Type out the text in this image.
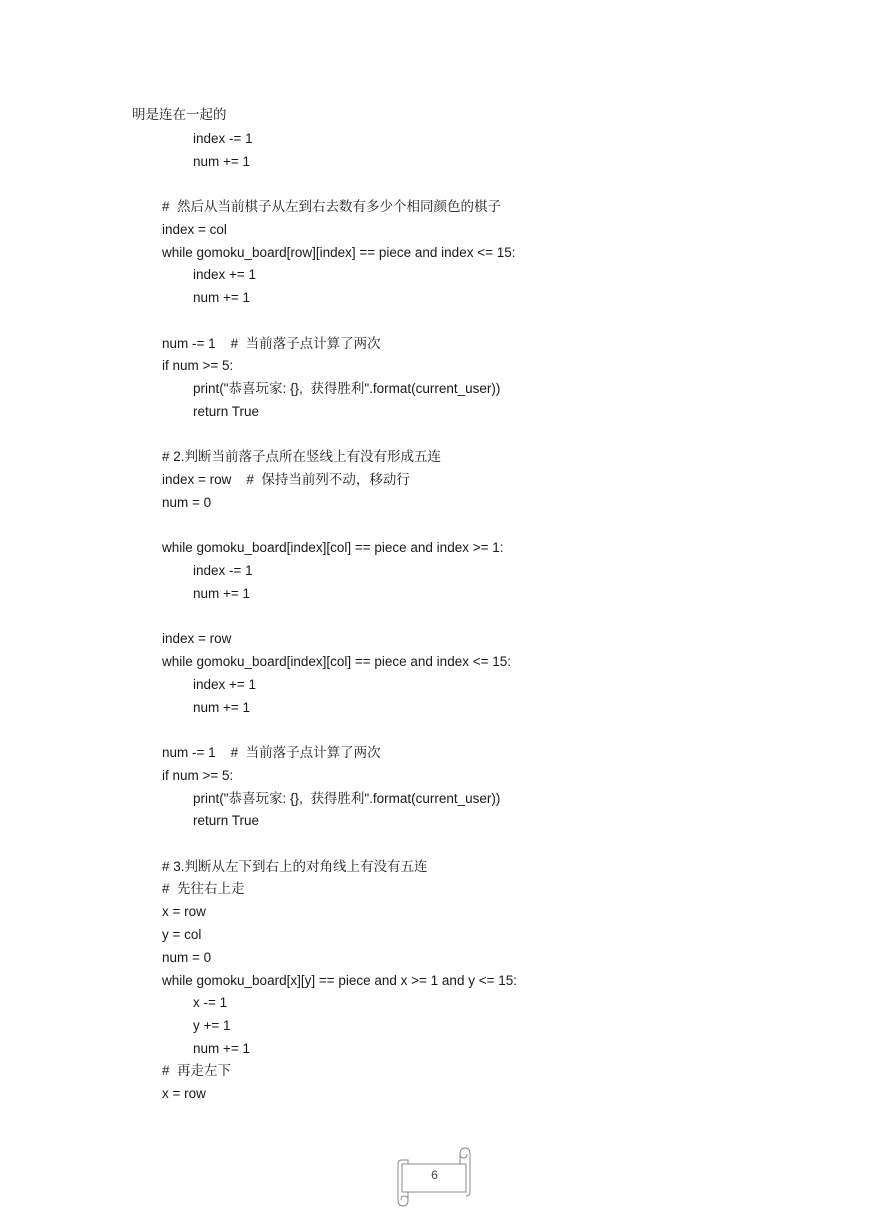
明是连在一起的
index -= 1
num += 1
#  然后从当前棋子从左到右去数有多少个相同颜色的棋子
index = col
while gomoku_board[row][index] == piece and index <= 15:
index += 1
num += 1
num -= 1    #  当前落子点计算了两次
if num >= 5:
print("恭喜玩家: {},  获得胜利".format(current_user))
return True
# 2.判断当前落子点所在竖线上有没有形成五连
index = row    #  保持当前列不动，移动行
num = 0
while gomoku_board[index][col] == piece and index >= 1:
index -= 1
num += 1
index = row
while gomoku_board[index][col] == piece and index <= 15:
index += 1
num += 1
num -= 1    #  当前落子点计算了两次
if num >= 5:
print("恭喜玩家: {},  获得胜利".format(current_user))
return True
# 3.判断从左下到右上的对角线上有没有五连
#  先往右上走
x = row
y = col
num = 0
while gomoku_board[x][y] == piece and x >= 1 and y <= 15:
x -= 1
y += 1
num += 1
#  再走左下
x = row
6
